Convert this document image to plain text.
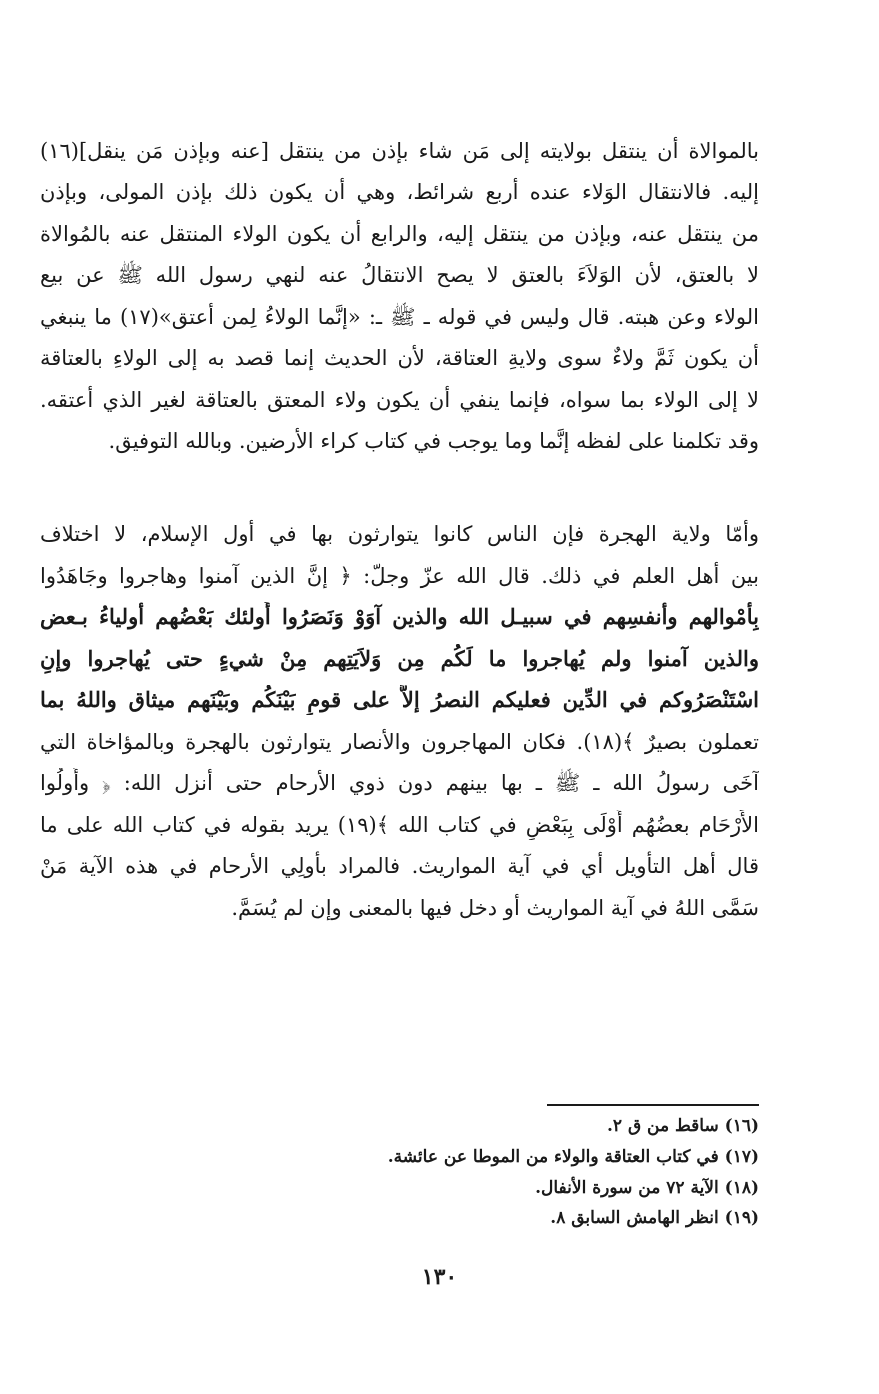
بالموالاة أن ينتقل بولايته إلى مَن شاء بإذن من ينتقل [عنه وبإذن مَن ينقل](١٦)
إليه. فالانتقال الوَلاء عنده أربع شرائط، وهي أن يكون ذلك بإذن المولى، وبإذن
من ينتقل عنه، وبإذن من ينتقل إليه، والرابع أن يكون الولاء المنتقل عنه بالمُوالاة
لا بالعتق، لأن الوَلاَءَ بالعتق لا يصح الانتقالُ عنه لنهي رسول الله ﷺ عن بيع
الولاء وعن هبته. قال وليس في قوله ـ ﷺ ـ: «إنَّما الولاءُ لِمن أعتق»(١٧) ما ينبغي
أن يكون ثَمَّ ولاءٌ سوى ولايةِ العتاقة، لأن الحديث إنما قصد به إلى الولاءِ بالعتاقة
لا إلى الولاء بما سواه، فإنما ينفي أن يكون ولاء المعتق بالعتاقة لغير الذي أعتقه.
وقد تكلمنا على لفظه إنَّما وما يوجب في كتاب كراء الأرضين. وبالله التوفيق.
وأمّا ولاية الهجرة فإن الناس كانوا يتوارثون بها في أول الإسلام، لا اختلاف
بين أهل العلم في ذلك. قال الله عزّ وجلّ: ﴿ إنَّ الذين آمنوا وهاجروا وجَاهَدُوا
بِأَمْوالهم وأنفسِهم في سبيـل الله والذين آوَوْ وَنَصَرُوا أُولئك بَعْضُهم أولياءُ بـعض
والذين آمنوا ولم يُهاجروا ما لَكُم مِن وَلاَيَتِهم مِنْ شيءٍ حتى يُهاجروا وإنِ
اسْتَنْصَرُوكم في الدِّين فعليكم النصرُ إلاَّ على قومٍ بَيْنَكُم وبَيْنَهم ميثاق واللهُ بما
تعملون بصيرٌ ﴾(١٨). فكان المهاجرون والأنصار يتوارثون بالهجرة وبالمؤاخاة التي
آخَى رسولُ الله ـ ﷺ ـ بها بينهم دون ذوي الأرحام حتى أنزل الله: ﴿ وأُولُوا
الأَرْحَام بعضُهُم أَوْلَى بِبَعْضٍ في كتاب الله ﴾(١٩) يريد بقوله في كتاب الله على ما
قال أهل التأويل أي في آية المواريث. فالمراد بأُولِي الأرحام في هذه الآية مَنْ
سَمَّى اللهُ في آية المواريث أو دخل فيها بالمعنى وإن لم يُسَمَّ.
(١٦) ساقط من ق ٢.
(١٧) في كتاب العتاقة والولاء من الموطا عن عائشة.
(١٨) الآية ٧٢ من سورة الأنفال.
(١٩) انظر الهامش السابق ٨.
١٣٠
